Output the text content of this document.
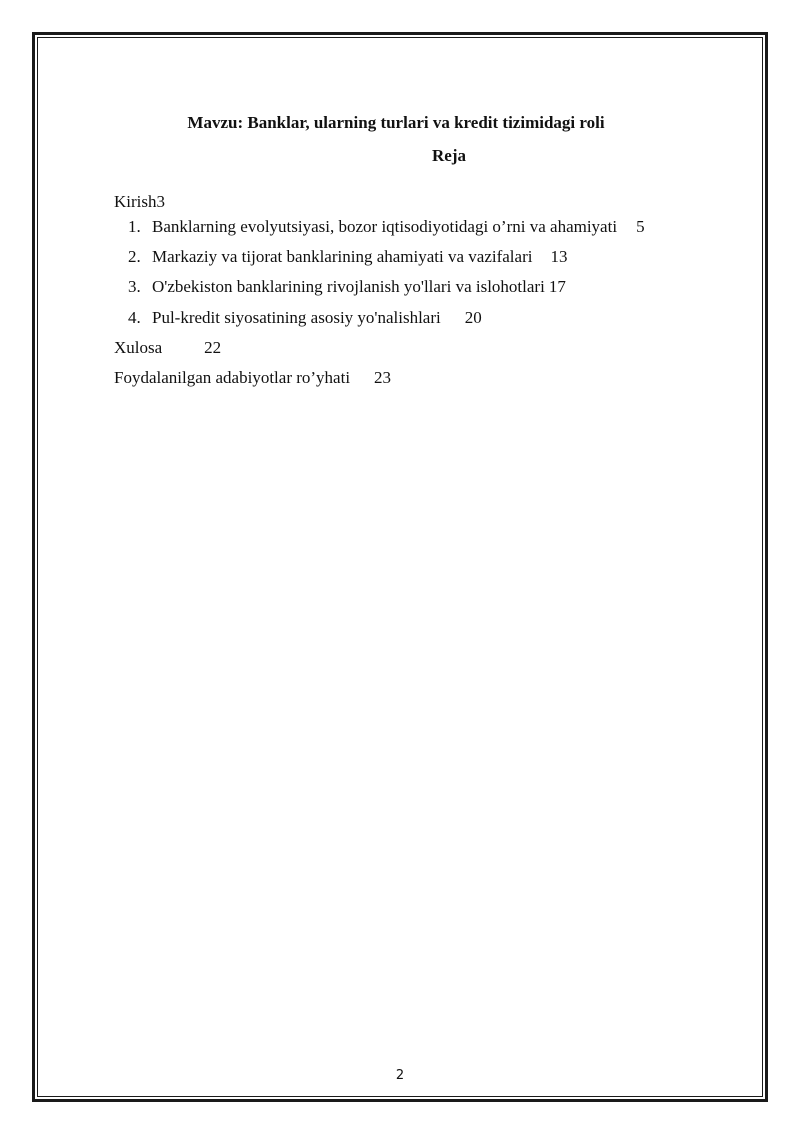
Mavzu: Banklar, ularning turlari va kredit tizimidagi roli
Reja
Kirish3
1. Banklarning evolyutsiyasi, bozor iqtisodiyotidagi o’rni va ahamiyati 5
2. Markaziy va tijorat banklarining ahamiyati va vazifalari 13
3. O'zbekiston banklarining rivojlanish yo'llari va islohotlari 17
4. Pul-kredit siyosatining asosiy yo'nalishlari 20
Xulosa 22
Foydalanilgan adabiyotlar ro’yhati 23
2
